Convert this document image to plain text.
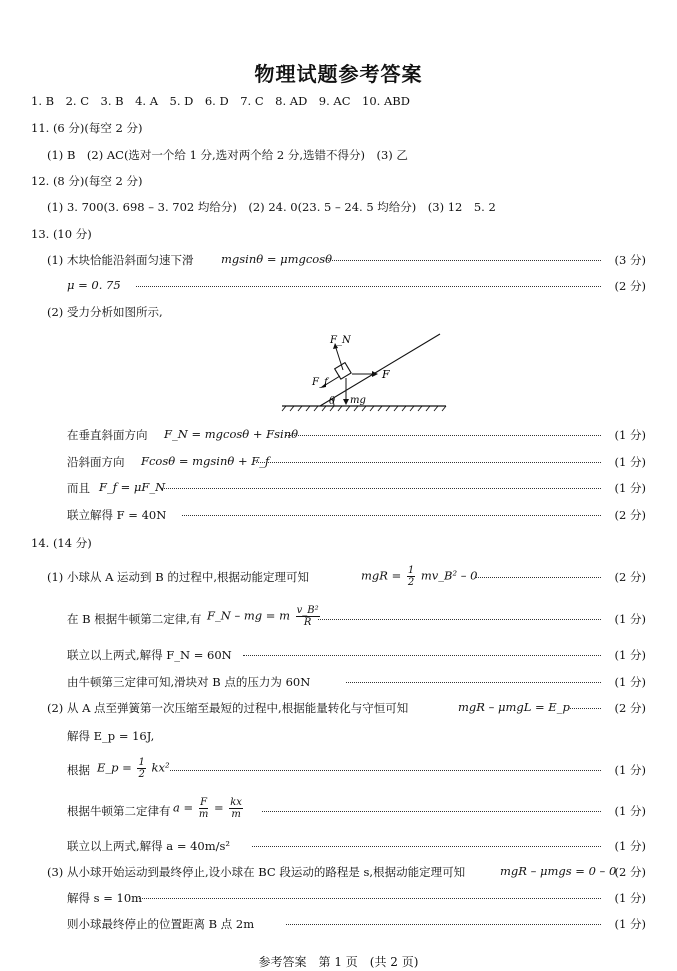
物理试题参考答案
1. B　2. C　3. B　4. A　5. D　6. D　7. C　8. AD　9. AC　10. ABD
11. (6 分)(每空 2 分)
(1) B　(2) AC(选对一个给 1 分,选对两个给 2 分,选错不得分)　(3) 乙
12. (8 分)(每空 2 分)
(1) 3. 700(3. 698 – 3. 702 均给分)　(2) 24. 0(23. 5 – 24. 5 均给分)　(3) 12　5. 2
13. (10 分)
(1) 木块恰能沿斜面匀速下滑 mgsinθ = μmgcosθ	(3 分)
μ = 0. 75	(2 分)
(2) 受力分析如图所示,
θ
F_N
F_f
F
mg
在垂直斜面方向 F_N = mgcosθ + Fsinθ	(1 分)
沿斜面方向 Fcosθ = mgsinθ + F_f	(1 分)
而且 F_f = μF_N	(1 分)
联立解得 F = 40N	(2 分)
14. (14 分)
(1) 小球从 A 运动到 B 的过程中,根据动能定理可知	mgR = $\frac{1}{2}$ mv_B² – 0	(2 分)
在 B 根据牛顿第二定律,有 F_N – mg = m $\frac{\text{v\_B²}}{R}$	(1 分)
联立以上两式,解得 F_N = 60N	(1 分)
由牛顿第三定律可知,滑块对 B 点的压力为 60N	(1 分)
(2) 从 A 点至弹簧第一次压缩至最短的过程中,根据能量转化与守恒可知	mgR – μmgL = E_p	(2 分)
解得 E_p = 16J,
根据 E_p = $\frac{1}{2} kx^2$	(1 分)
根据牛顿第二定律有 $a = \frac{F}{m} = \frac{kx}{m}$	(1 分)
联立以上两式,解得 a = 40m/s²	(1 分)
(3) 从小球开始运动到最终停止,设小球在 BC 段运动的路程是 s,根据动能定理可知	mgR – μmgs = 0 – 0
(2 分)
解得 s = 10m	(1 分)
则小球最终停止的位置距离 B 点 2m	(1 分)
参考答案　第 1 页　(共 2 页)
